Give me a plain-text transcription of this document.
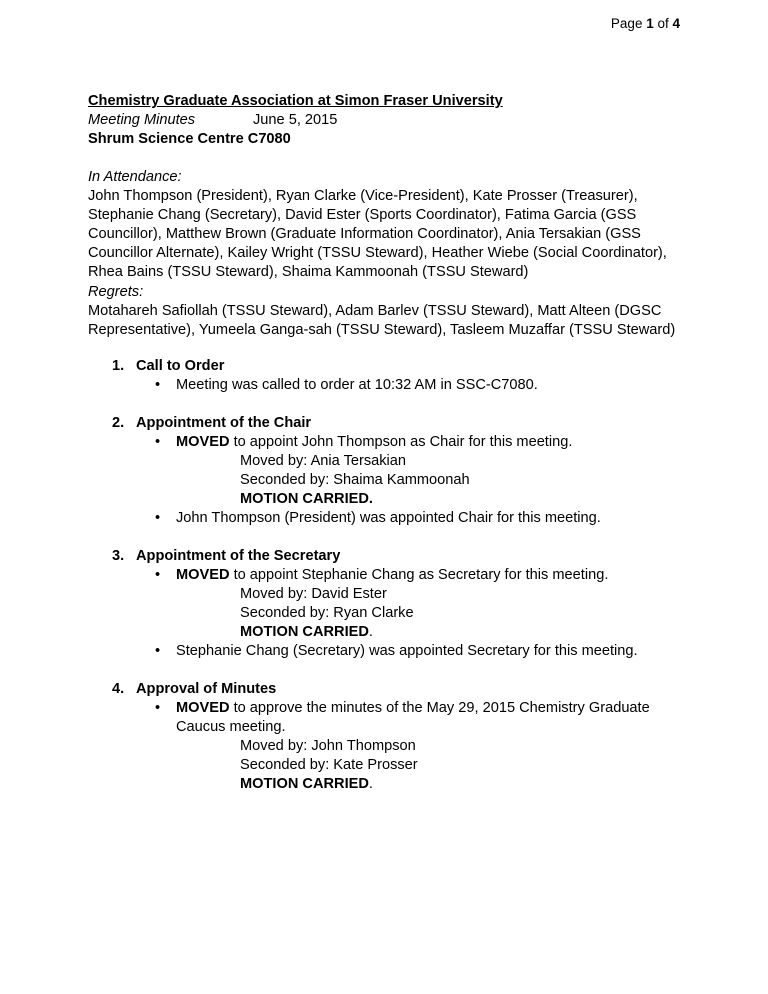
Page 1 of 4
Chemistry Graduate Association at Simon Fraser University
Meeting Minutes	June 5, 2015
Shrum Science Centre C7080
In Attendance:
John Thompson (President), Ryan Clarke (Vice-President), Kate Prosser (Treasurer), Stephanie Chang (Secretary), David Ester (Sports Coordinator), Fatima Garcia (GSS Councillor), Matthew Brown (Graduate Information Coordinator), Ania Tersakian (GSS Councillor Alternate), Kailey Wright (TSSU Steward), Heather Wiebe (Social Coordinator), Rhea Bains (TSSU Steward), Shaima Kammoonah (TSSU Steward)
Regrets:
Motahareh Safiollah (TSSU Steward), Adam Barlev (TSSU Steward), Matt Alteen (DGSC Representative), Yumeela Ganga-sah (TSSU Steward), Tasleem Muzaffar (TSSU Steward)
1. Call to Order
• Meeting was called to order at 10:32 AM in SSC-C7080.
2. Appointment of the Chair
• MOVED to appoint John Thompson as Chair for this meeting.
Moved by: Ania Tersakian
Seconded by: Shaima Kammoonah
MOTION CARRIED.
• John Thompson (President) was appointed Chair for this meeting.
3. Appointment of the Secretary
• MOVED to appoint Stephanie Chang as Secretary for this meeting.
Moved by: David Ester
Seconded by: Ryan Clarke
MOTION CARRIED.
• Stephanie Chang (Secretary) was appointed Secretary for this meeting.
4. Approval of Minutes
• MOVED to approve the minutes of the May 29, 2015 Chemistry Graduate Caucus meeting.
Moved by: John Thompson
Seconded by: Kate Prosser
MOTION CARRIED.
